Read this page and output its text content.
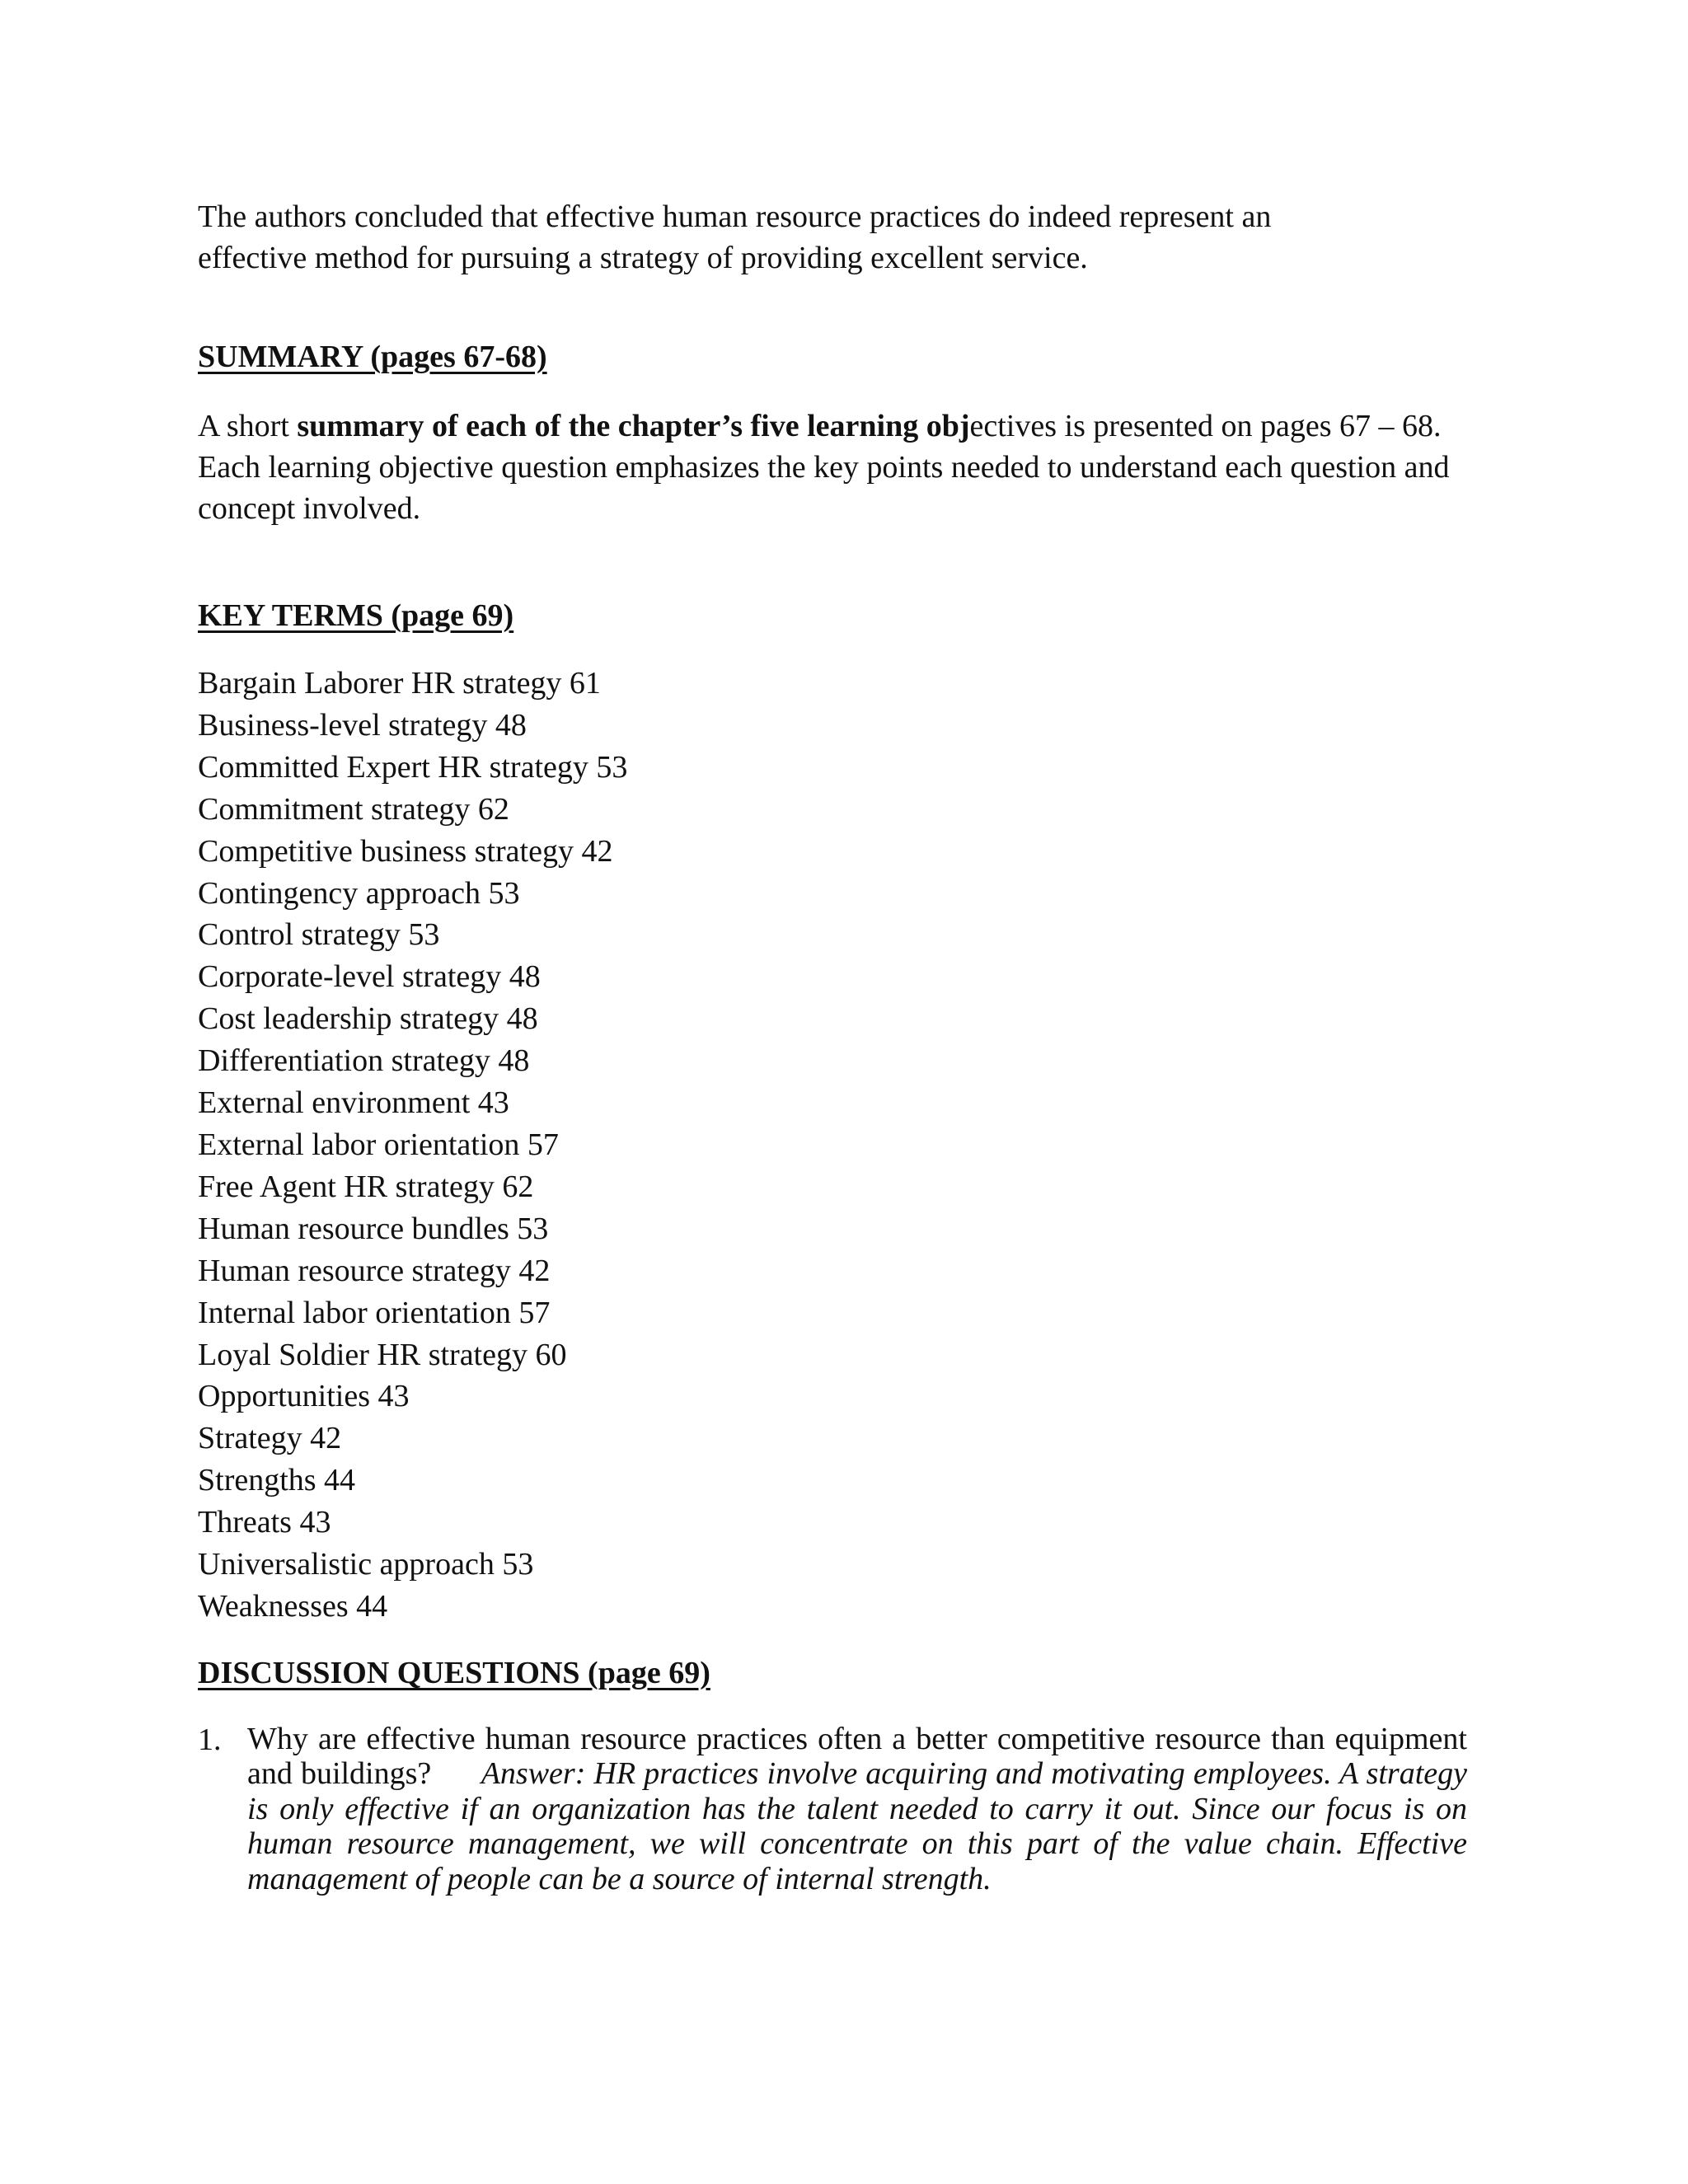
The authors concluded that effective human resource practices do indeed represent an
effective method for pursuing a strategy of providing excellent service.

SUMMARY (pages 67-68)

A short summary of each of the chapter’s five learning objectives is presented on pages 67 – 68. Each learning objective question emphasizes the key points needed to understand each question and concept involved.

KEY TERMS (page 69)
Bargain Laborer HR strategy 61
Business-level strategy 48
Committed Expert HR strategy 53
Commitment strategy 62
Competitive business strategy 42
Contingency approach 53
Control strategy 53
Corporate-level strategy 48
Cost leadership strategy 48
Differentiation strategy 48
External environment 43
External labor orientation 57
Free Agent HR strategy 62
Human resource bundles 53
Human resource strategy 42
Internal labor orientation 57
Loyal Soldier HR strategy 60
Opportunities 43
Strategy 42
Strengths 44
Threats 43
Universalistic approach 53
Weaknesses 44
DISCUSSION QUESTIONS (page 69)
1. Why are effective human resource practices often a better competitive resource than equipment and buildings? Answer: HR practices involve acquiring and motivating employees. A strategy is only effective if an organization has the talent needed to carry it out. Since our focus is on human resource management, we will concentrate on this part of the value chain. Effective management of people can be a source of internal strength.
